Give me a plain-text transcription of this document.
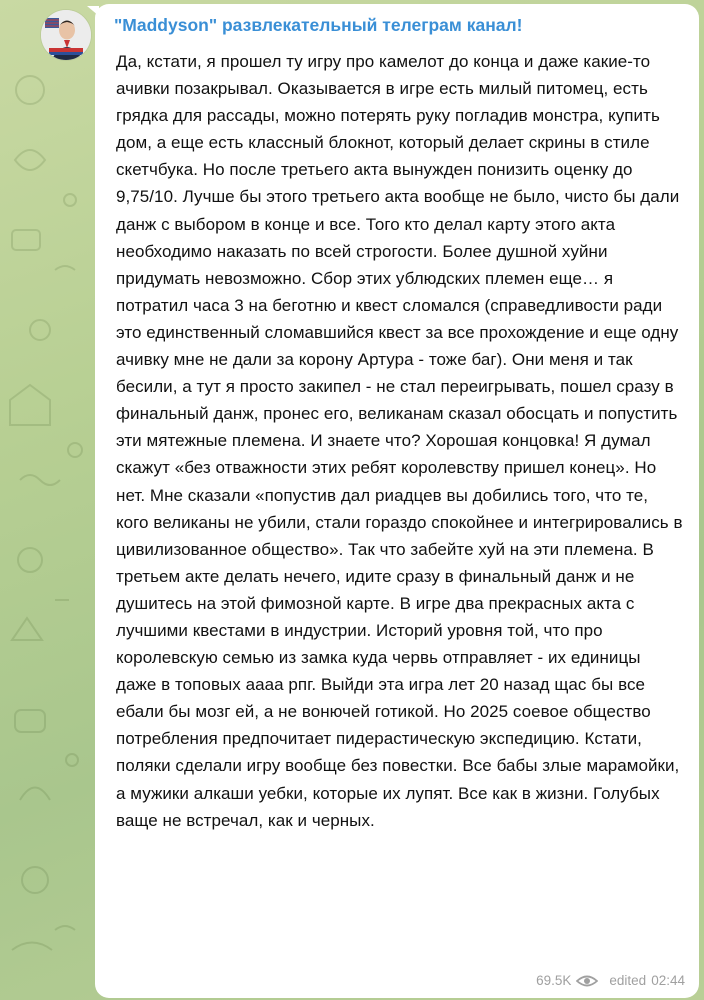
"Maddyson" развлекательный телеграм канал!
Да, кстати, я прошел ту игру про камелот до конца и даже какие-то ачивки позакрывал. Оказывается в игре есть милый питомец, есть грядка для рассады, можно потерять руку погладив монстра, купить дом, а еще есть классный блокнот, который делает скрины в стиле скетчбука. Но после третьего акта вынужден понизить оценку до 9,75/10. Лучше бы этого третьего акта вообще не было, чисто бы дали данж с выбором в конце и все. Того кто делал карту этого акта необходимо наказать по всей строгости. Более душной хуйни придумать невозможно. Сбор этих ублюдских племен еще… я потратил часа 3 на беготню и квест сломался (справедливости ради это единственный сломавшийся квест за все прохождение и еще одну ачивку мне не дали за корону Артура - тоже баг). Они меня и так бесили, а тут я просто закипел - не стал переигрывать, пошел сразу в финальный данж, пронес его, великанам сказал обосцать и попустить эти мятежные племена. И знаете что? Хорошая концовка! Я думал скажут «без отважности этих ребят королевству пришел конец». Но нет. Мне сказали «попустив дал риадцев вы добились того, что те, кого великаны не убили, стали гораздо спокойнее и интегрировались в цивилизованное общество». Так что забейте хуй на эти племена. В третьем акте делать нечего, идите сразу в финальный данж и не душитесь на этой фимозной карте. В игре два прекрасных акта с лучшими квестами в индустрии. Историй уровня той, что про королевскую семью из замка куда червь отправляет - их единицы даже в топовых аааа рпг. Выйди эта игра лет 20 назад щас бы все ебали бы мозг ей, а не вонючей готикой. Но 2025 соевое общество потребления предпочитает пидерастическую экспедицию. Кстати, поляки сделали игру вообще без повестки. Все бабы злые марамойки, а мужики алкаши уебки, которые их лупят. Все как в жизни. Голубых ваще не встречал, как и черных.
69.5K	edited 02:44
